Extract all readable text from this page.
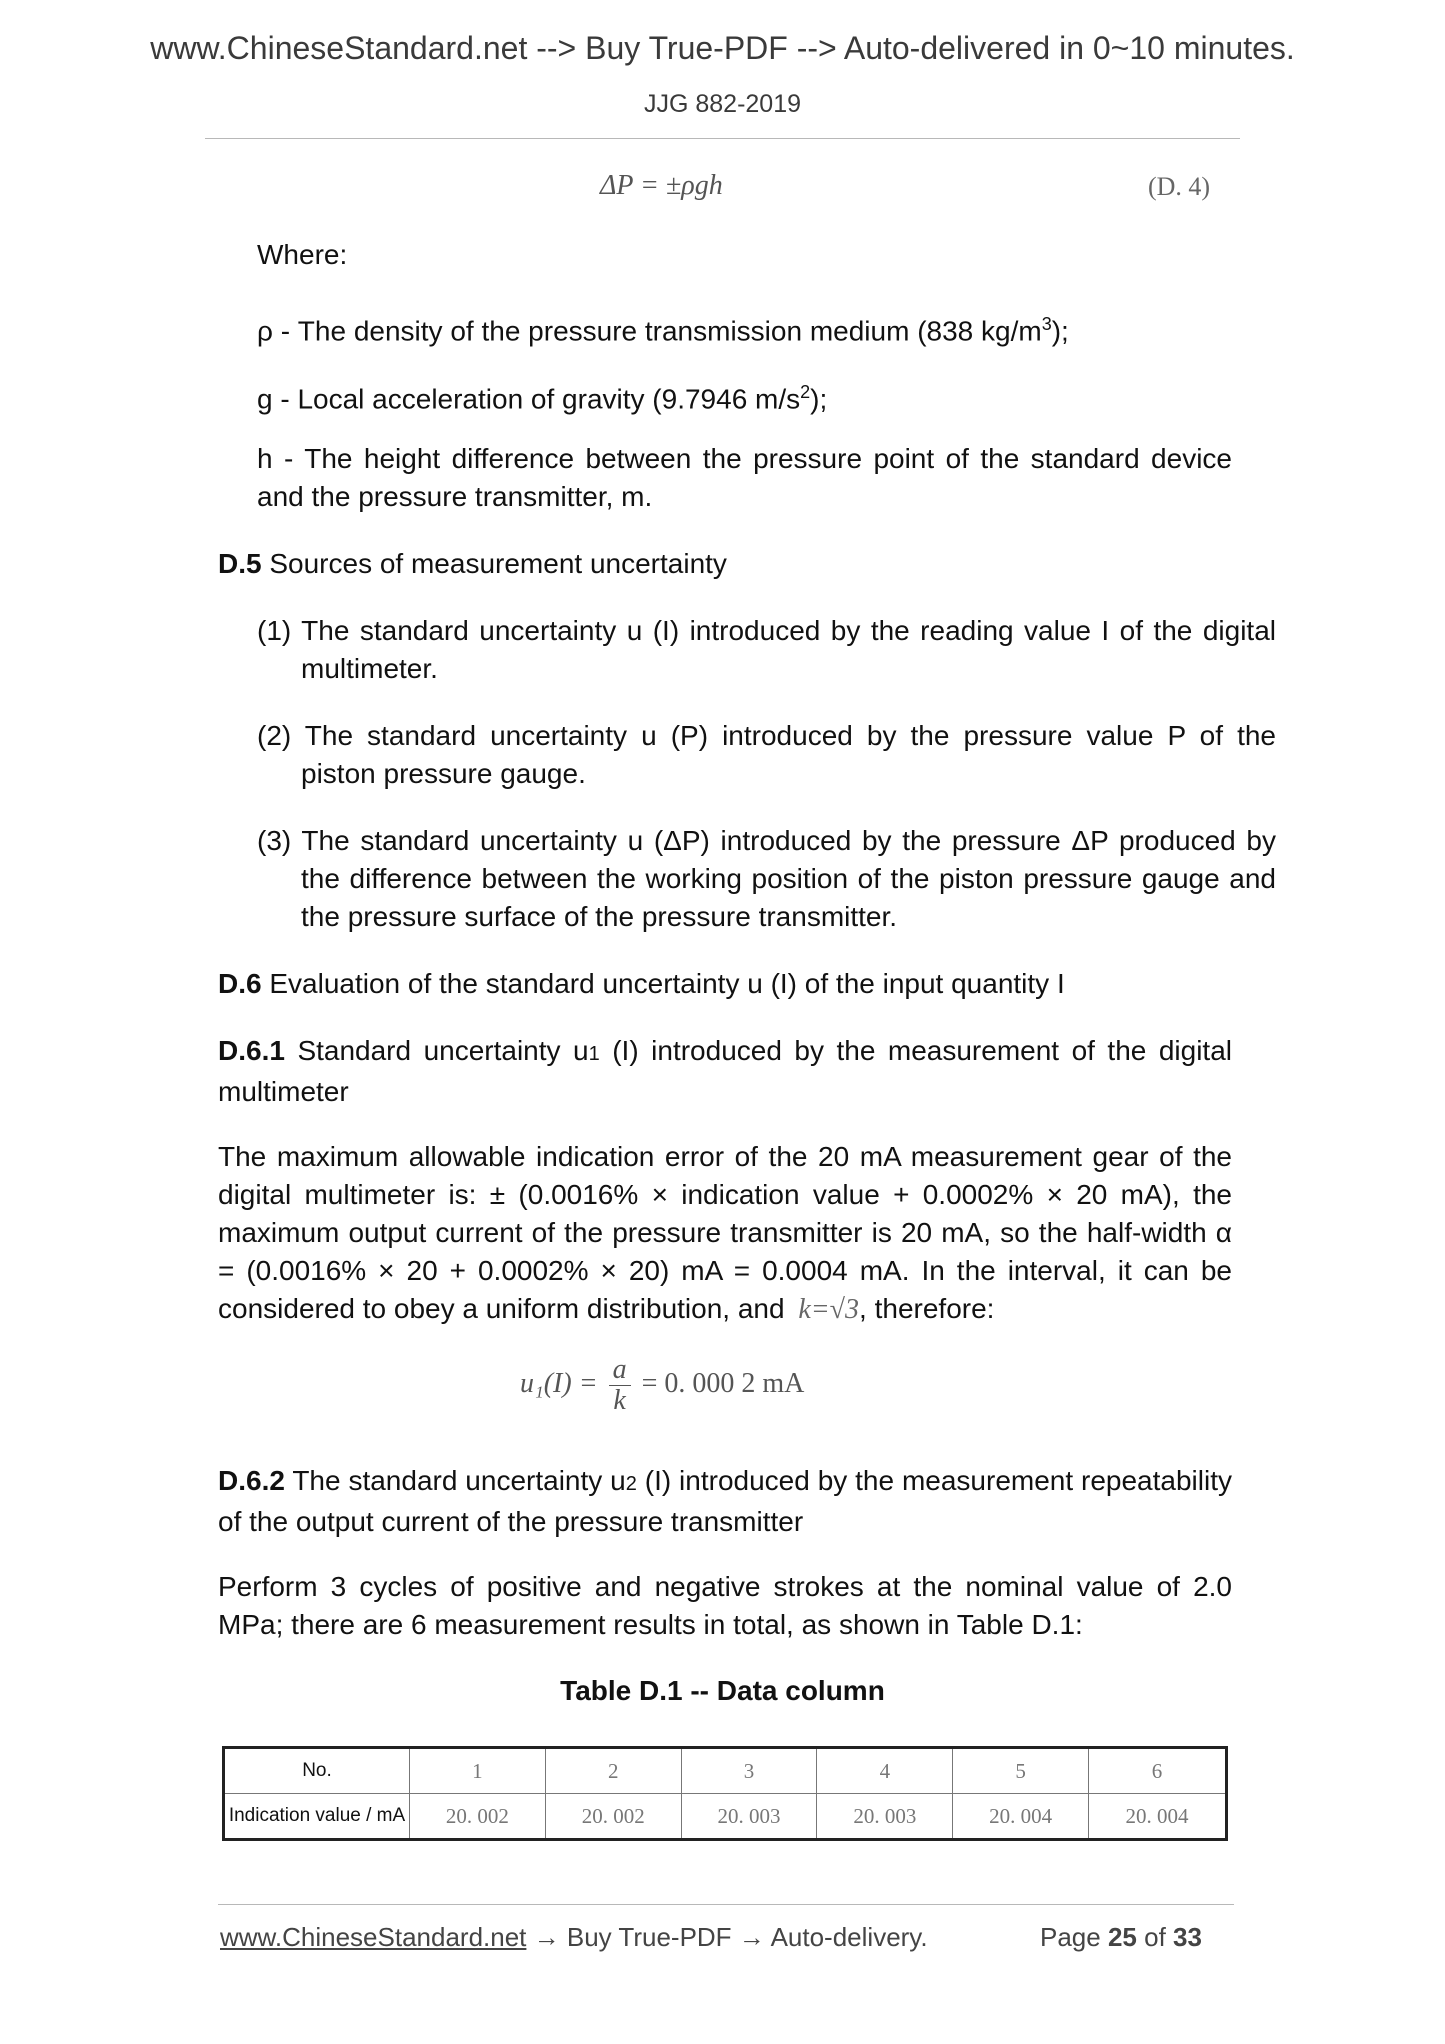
www.ChineseStandard.net --> Buy True-PDF --> Auto-delivered in 0~10 minutes.
JJG 882-2019
ΔP = ±ρgh	(D. 4)
Where:
ρ - The density of the pressure transmission medium (838 $kg/m^3$);
g - Local acceleration of gravity (9.7946 $m/s^2$);
h - The height difference between the pressure point of the standard device and the pressure transmitter, m.
D.5 Sources of measurement uncertainty
(1) The standard uncertainty u (I) introduced by the reading value I of the digital multimeter.
(2) The standard uncertainty u (P) introduced by the pressure value P of the piston pressure gauge.
(3) The standard uncertainty u (ΔP) introduced by the pressure ΔP produced by the difference between the working position of the piston pressure gauge and the pressure surface of the pressure transmitter.
D.6 Evaluation of the standard uncertainty u (I) of the input quantity I
D.6.1 Standard uncertainty u1 (I) introduced by the measurement of the digital multimeter
The maximum allowable indication error of the 20 mA measurement gear of the digital multimeter is: ± (0.0016% × indication value + 0.0002% × 20 mA), the maximum output current of the pressure transmitter is 20 mA, so the half-width α = (0.0016% × 20 + 0.0002% × 20) mA = 0.0004 mA. In the interval, it can be considered to obey a uniform distribution, and k=√3, therefore:
$u_1(I) = \frac{a}{k} = 0$. 000 2 mA
D.6.2 The standard uncertainty u2 (I) introduced by the measurement repeatability of the output current of the pressure transmitter
Perform 3 cycles of positive and negative strokes at the nominal value of 2.0 MPa; there are 6 measurement results in total, as shown in Table D.1:
Table D.1 -- Data column
No.	1	2	3	4	5	6
Indication value / mA	20. 002	20. 002	20. 003	20. 003	20. 004	20. 004
www.ChineseStandard.net → Buy True-PDF → Auto-delivery.	Page 25 of 33
